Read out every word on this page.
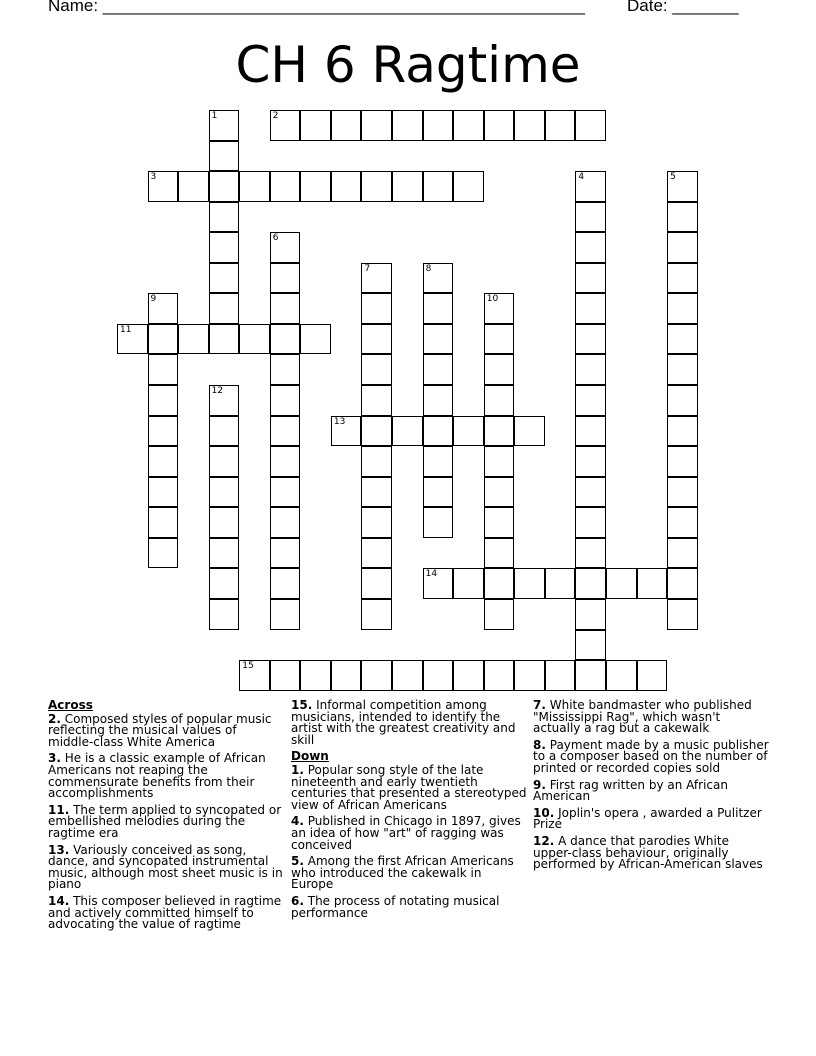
Name: ___________________________________________________ Date: _______
CH 6 Ragtime
1	2
3	4	5
6
7	8
9	10
11
12
13
14
15
Across
2. Composed styles of popular music reflecting the musical values of middle-class White America
3. He is a classic example of African Americans not reaping the commensurate benefits from their accomplishments
11. The term applied to syncopated or embellished melodies during the ragtime era
13. Variously conceived as song, dance, and syncopated instrumental music, although most sheet music is in piano
14. This composer believed in ragtime and actively committed himself to advocating the value of ragtime
15. Informal competition among musicians, intended to identify the artist with the greatest creativity and skill
Down
1. Popular song style of the late nineteenth and early twentieth centuries that presented a stereotyped view of African Americans
4. Published in Chicago in 1897, gives an idea of how "art" of ragging was conceived
5. Among the first African Americans who introduced the cakewalk in Europe
6. The process of notating musical performance
7. White bandmaster who published "Mississippi Rag", which wasn't actually a rag but a cakewalk
8. Payment made by a music publisher to a composer based on the number of printed or recorded copies sold
9. First rag written by an African American
10. Joplin's opera , awarded a Pulitzer Prize
12. A dance that parodies White upper-class behaviour, originally performed by African-American slaves
